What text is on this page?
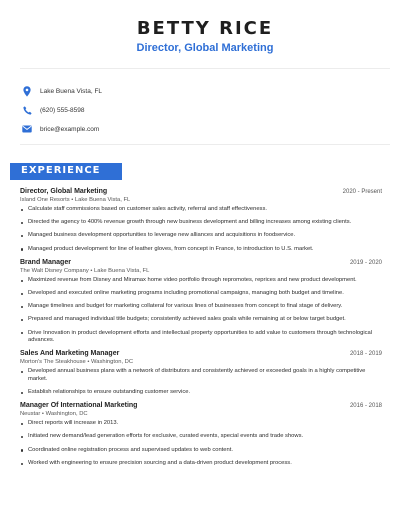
BETTY RICE
Director, Global Marketing
Lake Buena Vista, FL
(620) 555-8598
brice@example.com
EXPERIENCE
Director, Global Marketing	2020 - Present
Island One Resorts • Lake Buena Vista, FL
Calculate staff commissions based on customer sales activity, referral and staff effectiveness.
Directed the agency to 400% revenue growth through new business development and billing increases among existing clients.
Managed business development opportunities to leverage new alliances and acquisitions in foodservice.
Managed product development for line of leather gloves, from concept in France, to introduction to U.S. market.
Brand Manager	2019 - 2020
The Walt Disney Company • Lake Buena Vista, FL
Maximized revenue from Disney and Miramax home video portfolio through repromotes, reprices and new product development.
Developed and executed online marketing programs including promotional campaigns, managing both budget and timeline.
Manage timelines and budget for marketing collateral for various lines of businesses from concept to final stage of delivery.
Prepared and managed individual title budgets; consistently achieved sales goals while remaining at or below target budget.
Drive Innovation in product development efforts and intellectual property opportunities to add value to customers through technological advances.
Sales And Marketing Manager	2018 - 2019
Morton's The Steakhouse • Washington, DC
Developed annual business plans with a network of distributors and consistently achieved or exceeded goals in a highly competitive market.
Establish relationships to ensure outstanding customer service.
Manager Of International Marketing	2016 - 2018
Neustar • Washington, DC
Direct reports will increase in 2013.
Initiated new demand/lead generation efforts for exclusive, curated events, special events and trade shows.
Coordinated online registration process and supervised updates to web content.
Worked with engineering to ensure precision sourcing and a data-driven product development process.
